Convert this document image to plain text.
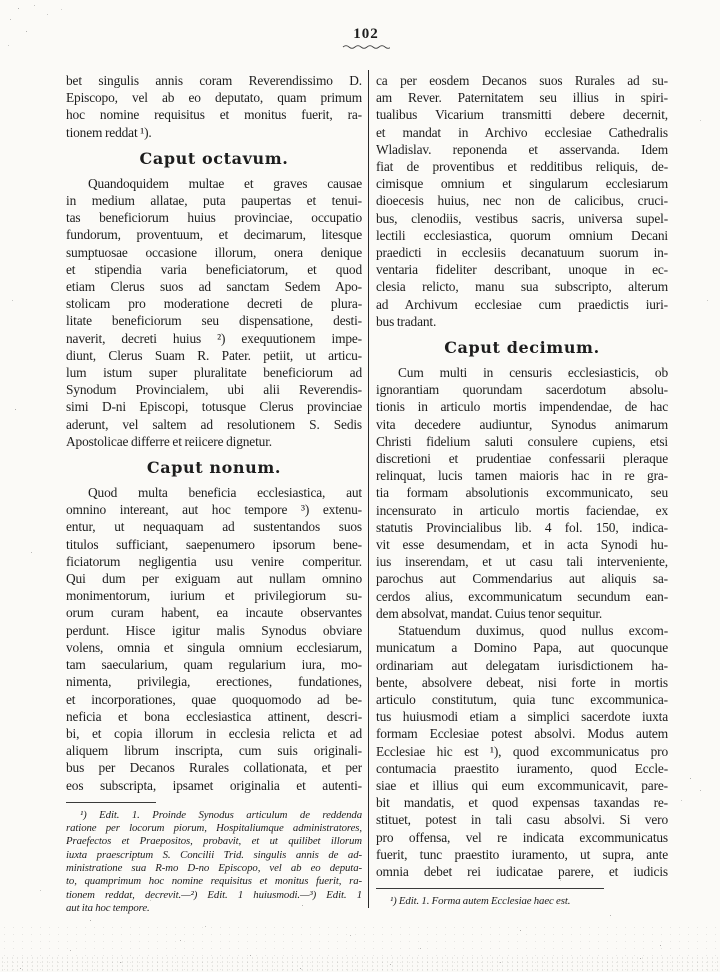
102
bet singulis annis coram Reverendissimo D.
Episcopo, vel ab eo deputato, quam primum
hoc nomine requisitus et monitus fuerit, ra-
tionem reddat ¹).
Caput octavum.
Quandoquidem multae et graves causae
in medium allatae, puta paupertas et tenui-
tas beneficiorum huius provinciae, occupatio
fundorum, proventuum, et decimarum, litesque
sumptuosae occasione illorum, onera denique
et stipendia varia beneficiatorum, et quod
etiam Clerus suos ad sanctam Sedem Apo-
stolicam pro moderatione decreti de plura-
litate beneficiorum seu dispensatione, desti-
naverit, decreti huius ²) exequutionem impe-
diunt, Clerus Suam R. Pater. petiit, ut articu-
lum istum super pluralitate beneficiorum ad
Synodum Provincialem, ubi alii Reverendis-
simi D-ni Episcopi, totusque Clerus provinciae
aderunt, vel saltem ad resolutionem S. Sedis
Apostolicae differre et reiicere dignetur.
Caput nonum.
Quod multa beneficia ecclesiastica, aut
omnino intereant, aut hoc tempore ³) extenu-
entur, ut nequaquam ad sustentandos suos
titulos sufficiant, saepenumero ipsorum bene-
ficiatorum negligentia usu venire comperitur.
Qui dum per exiguam aut nullam omnino
monimentorum, iurium et privilegiorum su-
orum curam habent, ea incaute observantes
perdunt. Hisce igitur malis Synodus obviare
volens, omnia et singula omnium ecclesiarum,
tam saecularium, quam regularium iura, mo-
nimenta, privilegia, erectiones, fundationes,
et incorporationes, quae quoquomodo ad be-
neficia et bona ecclesiastica attinent, descri-
bi, et copia illorum in ecclesia relicta et ad
aliquem librum inscripta, cum suis originali-
bus per Decanos Rurales collationata, et per
eos subscripta, ipsamet originalia et autenti-
¹) Edit. 1. Proinde Synodus articulum de reddenda
ratione per locorum piorum, Hospitaliumque administratores,
Praefectos et Praepositos, probavit, et ut quilibet illorum
iuxta praescriptum S. Concilii Trid. singulis annis de ad-
ministratione sua R-mo D-no Episcopo, vel ab eo deputa-
to, quamprimum hoc nomine requisitus et monitus fuerit, ra-
tionem reddat, decrevit.—²) Edit. 1 huiusmodi.—³) Edit. 1
aut ita hoc tempore.
ca per eosdem Decanos suos Rurales ad su-
am Rever. Paternitatem seu illius in spiri-
tualibus Vicarium transmitti debere decernit,
et mandat in Archivo ecclesiae Cathedralis
Wladislav. reponenda et asservanda. Idem
fiat de proventibus et redditibus reliquis, de-
cimisque omnium et singularum ecclesiarum
dioecesis huius, nec non de calicibus, cruci-
bus, clenodiis, vestibus sacris, universa supel-
lectili ecclesiastica, quorum omnium Decani
praedicti in ecclesiis decanatuum suorum in-
ventaria fideliter describant, unoque in ec-
clesia relicto, manu sua subscripto, alterum
ad Archivum ecclesiae cum praedictis iuri-
bus tradant.
Caput decimum.
Cum multi in censuris ecclesiasticis, ob
ignorantiam quorundam sacerdotum absolu-
tionis in articulo mortis impendendae, de hac
vita decedere audiuntur, Synodus animarum
Christi fidelium saluti consulere cupiens, etsi
discretioni et prudentiae confessarii pleraque
relinquat, lucis tamen maioris hac in re gra-
tia formam absolutionis excommunicato, seu
incensurato in articulo mortis faciendae, ex
statutis Provincialibus lib. 4 fol. 150, indica-
vit esse desumendam, et in acta Synodi hu-
ius inserendam, et ut casu tali interveniente,
parochus aut Commendarius aut aliquis sa-
cerdos alius, excommunicatum secundum ean-
dem absolvat, mandat. Cuius tenor sequitur.
Statuendum duximus, quod nullus excom-
municatum a Domino Papa, aut quocunque
ordinariam aut delegatam iurisdictionem ha-
bente, absolvere debeat, nisi forte in mortis
articulo constitutum, quia tunc excommunica-
tus huiusmodi etiam a simplici sacerdote iuxta
formam Ecclesiae potest absolvi. Modus autem
Ecclesiae hic est ¹), quod excommunicatus pro
contumacia praestito iuramento, quod Eccle-
siae et illius qui eum excommunicavit, pare-
bit mandatis, et quod expensas taxandas re-
stituet, potest in tali casu absolvi. Si vero
pro offensa, vel re indicata excommunicatus
fuerit, tunc praestito iuramento, ut supra, ante
omnia debet rei iudicatae parere, et iudicis
¹) Edit. 1. Forma autem Ecclesiae haec est.
